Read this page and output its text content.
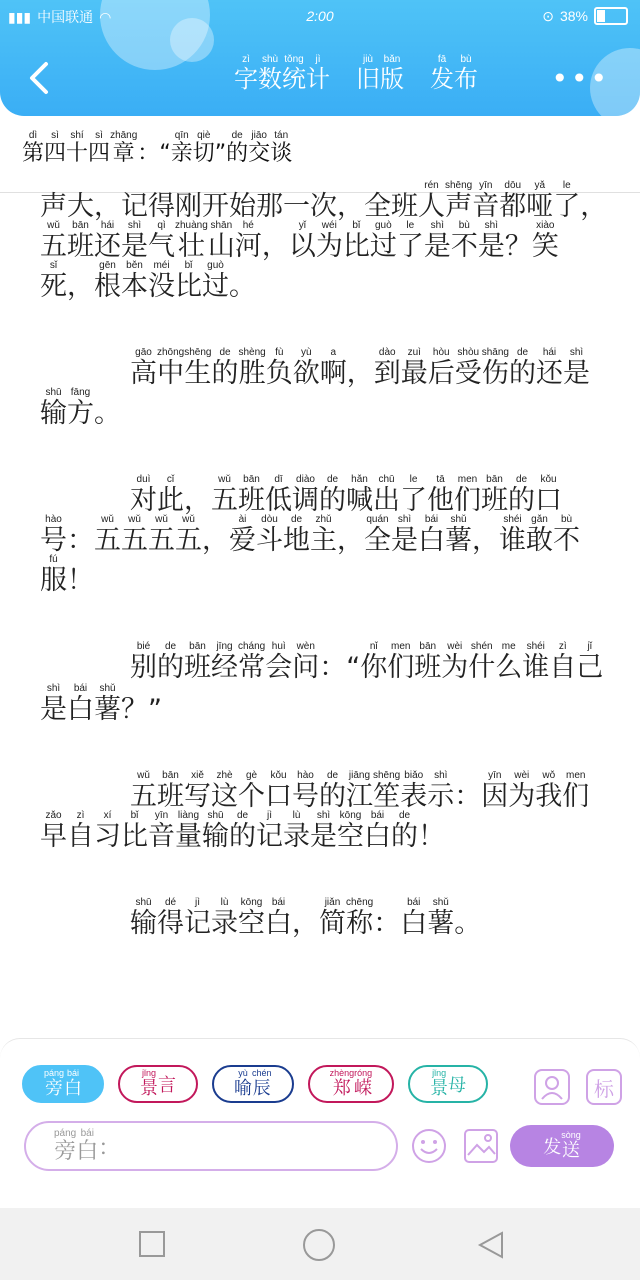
▮▮▮ 中国联通 ◠	2:00	⊙ 38%
字zì数shù统tǒng计jì
旧jiù版bǎn
发fā布bù
•••
第dì四sì十shí四sì章zhāng：“亲qīn切qiè”的de交jiāo谈tán

声大，记得刚开始那一次，全班人rén声shēng音yīn都dōu哑yǎ了le，五wǔ班bān还hái是shì气qì壮zhuàng山shān河hé，以yǐ为wéi比bǐ过guò了le是shì不bù是shì？笑xiào死sǐ，根gēn本běn没méi比bǐ过guò。

高gāo中zhōng生shēng的de胜shèng负fù欲yù啊a，到dào最zuì后hòu受shòu伤shāng的de还hái是shì输shū方fāng。

对duì此cǐ，五wǔ班bān低dī调diào的de喊hǎn出chū了le他tā们men班bān的de口kǒu号hào：五wǔ五wǔ五wǔ五wǔ，爱ài斗dòu地de主zhǔ，全quán是shì白bái薯shǔ，谁shéi敢gǎn不bù服fú！

别bié的de班bān经jīng常cháng会huì问wèn：“你nǐ们men班bān为wèi什shén么me谁shéi自zì己jǐ是shì白bái薯shǔ？”

五wǔ班bān写xiě这zhè个gè口kǒu号hào的de江jiāng笙shēng表biǎo示shì：因yīn为wèi我wǒ们men早zǎo自zì习xí比bǐ音yīn量liàng输shū的de记jì录lù是shì空kōng白bái的de！

输shū得dé记jì录lù空kōng白bái，简jiǎn称chēng：白bái薯shǔ。

旁páng
白bái
景jǐng
言	喻yù
辰chén
郑zhèng
嵘róng
景jǐng
母	标
旁páng
白bái
：	发 送sòng
